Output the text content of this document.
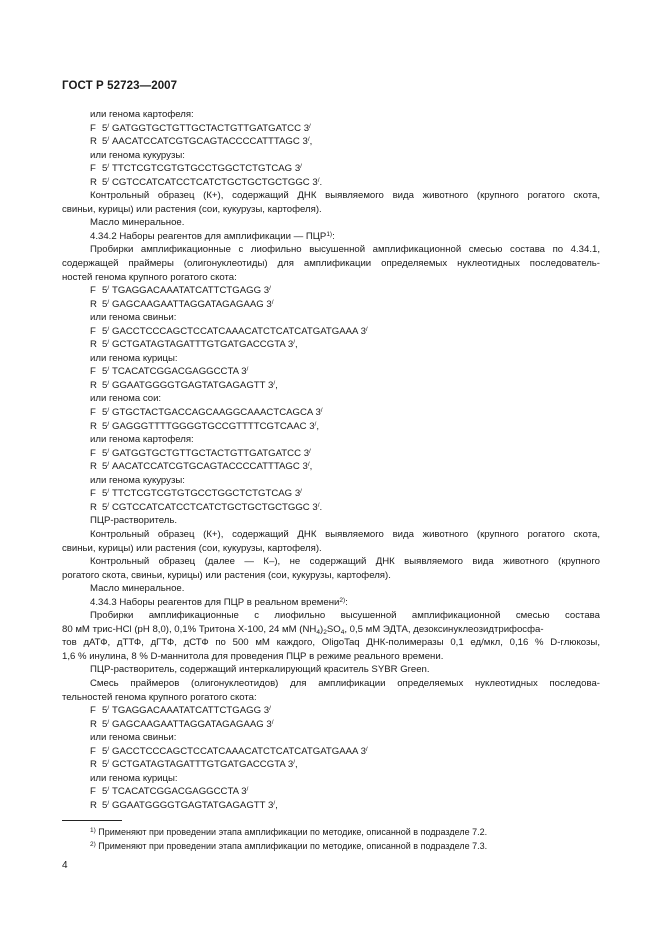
ГОСТ Р 52723—2007
или генома картофеля:
F 5/ GATGGTGCTGTTGCTACTGTTGATGATCC 3/
R 5/ AACATCCATCGTGCAGTACCCCATTTAGC 3/,
или генома кукурузы:
F 5/ TTCTCGTCGTGTGCCTGGCTCTGTCAG 3/
R 5/ CGTCCATCATCCTCATCTGCTGCTGCTGGC 3/.
Контрольный образец (К+), содержащий ДНК выявляемого вида животного (крупного рогатого скота,
свиньи, курицы) или растения (сои, кукурузы, картофеля).
Масло минеральное.
4.34.2 Наборы реагентов для амплификации — ПЦР$^{1)}$:
Пробирки амплификационные с лиофильно высушенной амплификационной смесью состава по 4.34.1,
содержащей праймеры (олигонуклеотиды) для амплификации определяемых нуклеотидных последователь-
ностей генома крупного рогатого скота:
F 5/ TGAGGACAAATATCATTCTGAGG 3/
R 5/ GAGCAAGAATTAGGATAGAGAAG 3/
или генома свиньи:
F 5/ GACCTCCCAGCTCCATCAAACATCTCATCATGATGAAA 3/
R 5/ GCTGATAGTAGATTTGTGATGACCGTA 3/,
или генома курицы:
F 5/ TCACATCGGACGAGGCCTA 3/
R 5/ GGAATGGGGTGAGTATGAGAGTT 3/,
или генома сои:
F 5/ GTGCTACTGACCAGCAAGGCAAACTCAGCA 3/
R 5/ GAGGGTTTTGGGGTGCCGTTTTCGTCAAC 3/,
или генома картофеля:
F 5/ GATGGTGCTGTTGCTACTGTTGATGATCC 3/
R 5/ AACATCCATCGTGCAGTACCCCATTTAGC 3/,
или генома кукурузы:
F 5/ TTCTCGTCGTGTGCCTGGCTCTGTCAG 3/
R 5/ CGTCCATCATCCTCATCTGCTGCTGCTGGC 3/.
ПЦР-растворитель.
Контрольный образец (К+), содержащий ДНК выявляемого вида животного (крупного рогатого скота,
свиньи, курицы) или растения (сои, кукурузы, картофеля).
Контрольный образец (далее — К–), не содержащий ДНК выявляемого вида животного (крупного
рогатого скота, свиньи, курицы) или растения (сои, кукурузы, картофеля).
Масло минеральное.
4.34.3 Наборы реагентов для ПЦР в реальном времени$^{2)}$:
Пробирки амплификационные с лиофильно высушенной амплификационной смесью состава
80 мМ трис-HCl (рН 8,0), 0,1% Тритона Х-100, 24 мМ $(NH_4)_2SO_4$, 0,5 мМ ЭДТА, дезоксинуклеозидтрифосфа-
тов дАТФ, дТТФ, дГТФ, дСТФ по 500 мМ каждого, OligoTaq ДНК-полимеразы 0,1 ед/мкл, 0,16 % D-глюкозы,
1,6 % инулина, 8 % D-маннитола для проведения ПЦР в режиме реального времени.
ПЦР-растворитель, содержащий интеркалирующий краситель SYBR Green.
Смесь праймеров (олигонуклеотидов) для амплификации определяемых нуклеотидных последова-
тельностей генома крупного рогатого скота:
F 5/ TGAGGACAAATATCATTCTGAGG 3/
R 5/ GAGCAAGAATTAGGATAGAGAAG 3/
или генома свиньи:
F 5/ GACCTCCCAGCTCCATCAAACATCTCATCATGATGAAA 3/
R 5/ GCTGATAGTAGATTTGTGATGACCGTA 3/,
или генома курицы:
F 5/ TCACATCGGACGAGGCCTA 3/
R 5/ GGAATGGGGTGAGTATGAGAGTT 3/,
$^{1)}$ Применяют при проведении этапа амплификации по методике, описанной в подразделе 7.2.
$^{2)}$ Применяют при проведении этапа амплификации по методике, описанной в подразделе 7.3.
4
